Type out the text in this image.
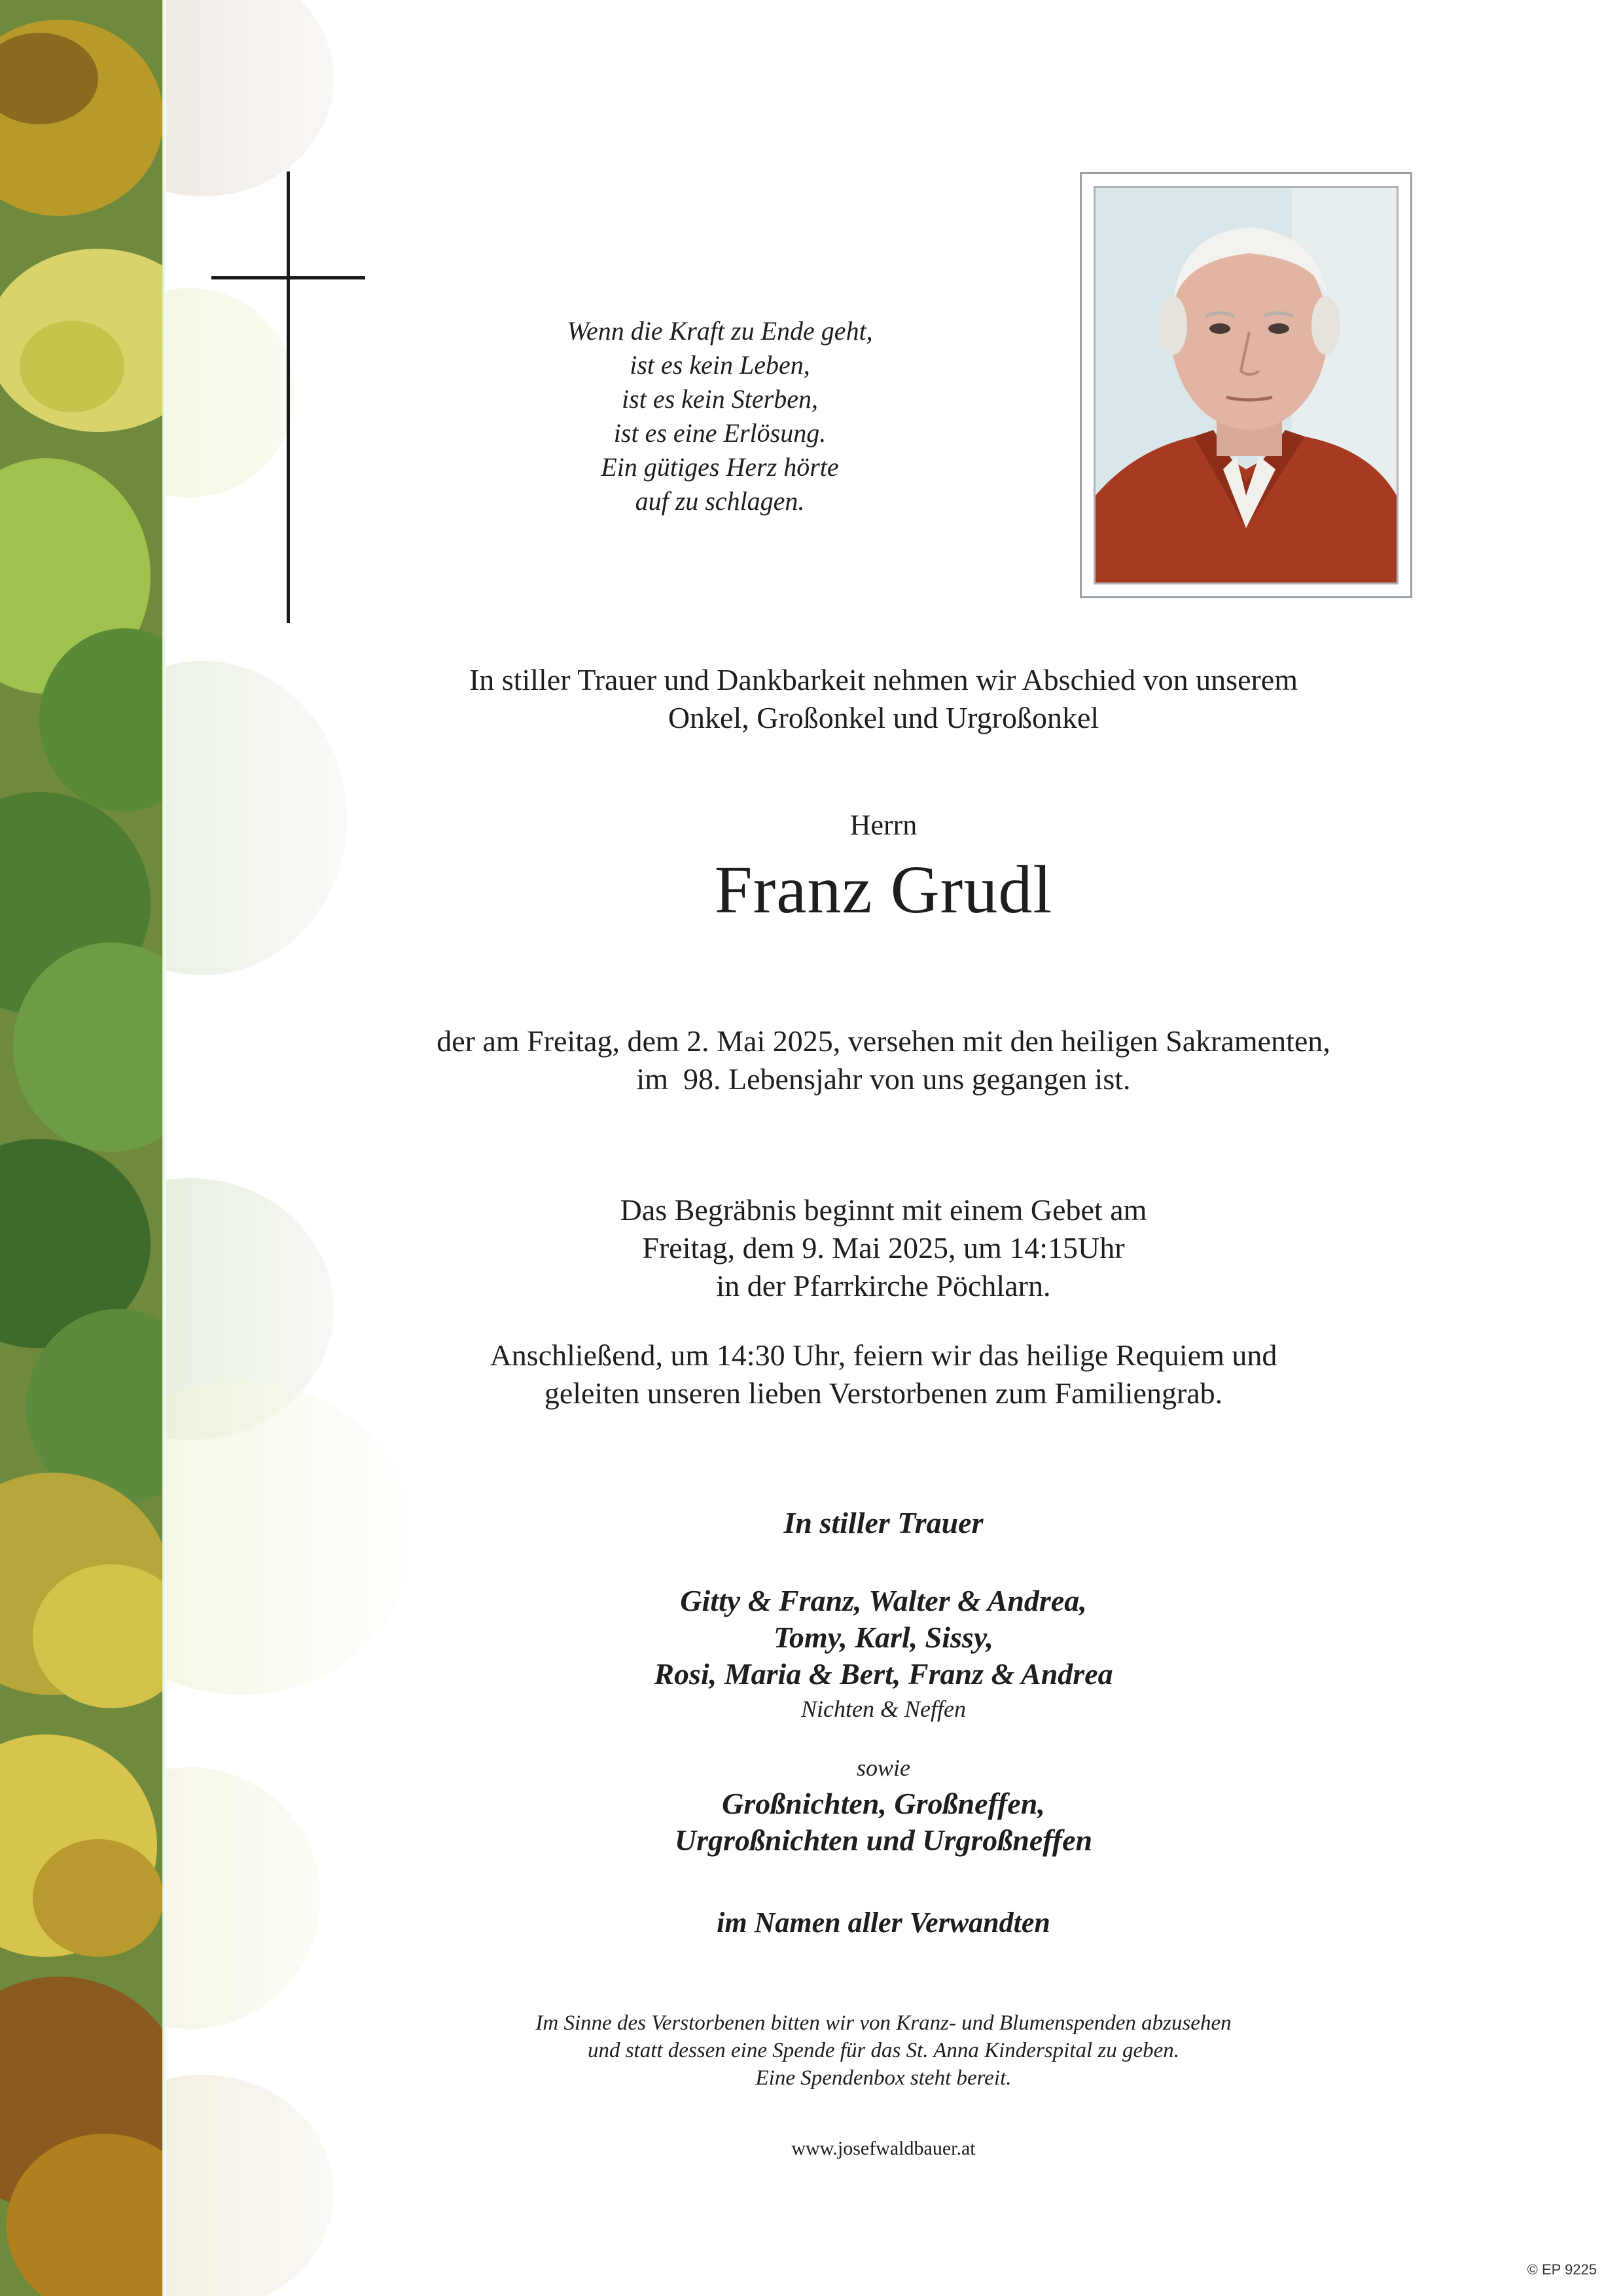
Wenn die Kraft zu Ende geht,
ist es kein Leben,
ist es kein Sterben,
ist es eine Erlösung.
Ein gütiges Herz hörte
auf zu schlagen.
In stiller Trauer und Dankbarkeit nehmen wir Abschied von unserem
Onkel, Großonkel und Urgroßonkel
Herrn
Franz Grudl
der am Freitag, dem 2. Mai 2025, versehen mit den heiligen Sakramenten,
im  98. Lebensjahr von uns gegangen ist.
Das Begräbnis beginnt mit einem Gebet am
Freitag, dem 9. Mai 2025, um 14:15Uhr
in der Pfarrkirche Pöchlarn.
Anschließend, um 14:30 Uhr, feiern wir das heilige Requiem und
geleiten unseren lieben Verstorbenen zum Familiengrab.
In stiller Trauer
Gitty & Franz, Walter & Andrea,
Tomy, Karl, Sissy,
Rosi, Maria & Bert, Franz & Andrea
Nichten & Neffen
sowie
Großnichten, Großneffen,
Urgroßnichten und Urgroßneffen
im Namen aller Verwandten
Im Sinne des Verstorbenen bitten wir von Kranz- und Blumenspenden abzusehen
und statt dessen eine Spende für das St. Anna Kinderspital zu geben.
Eine Spendenbox steht bereit.
www.josefwaldbauer.at
© EP 9225
